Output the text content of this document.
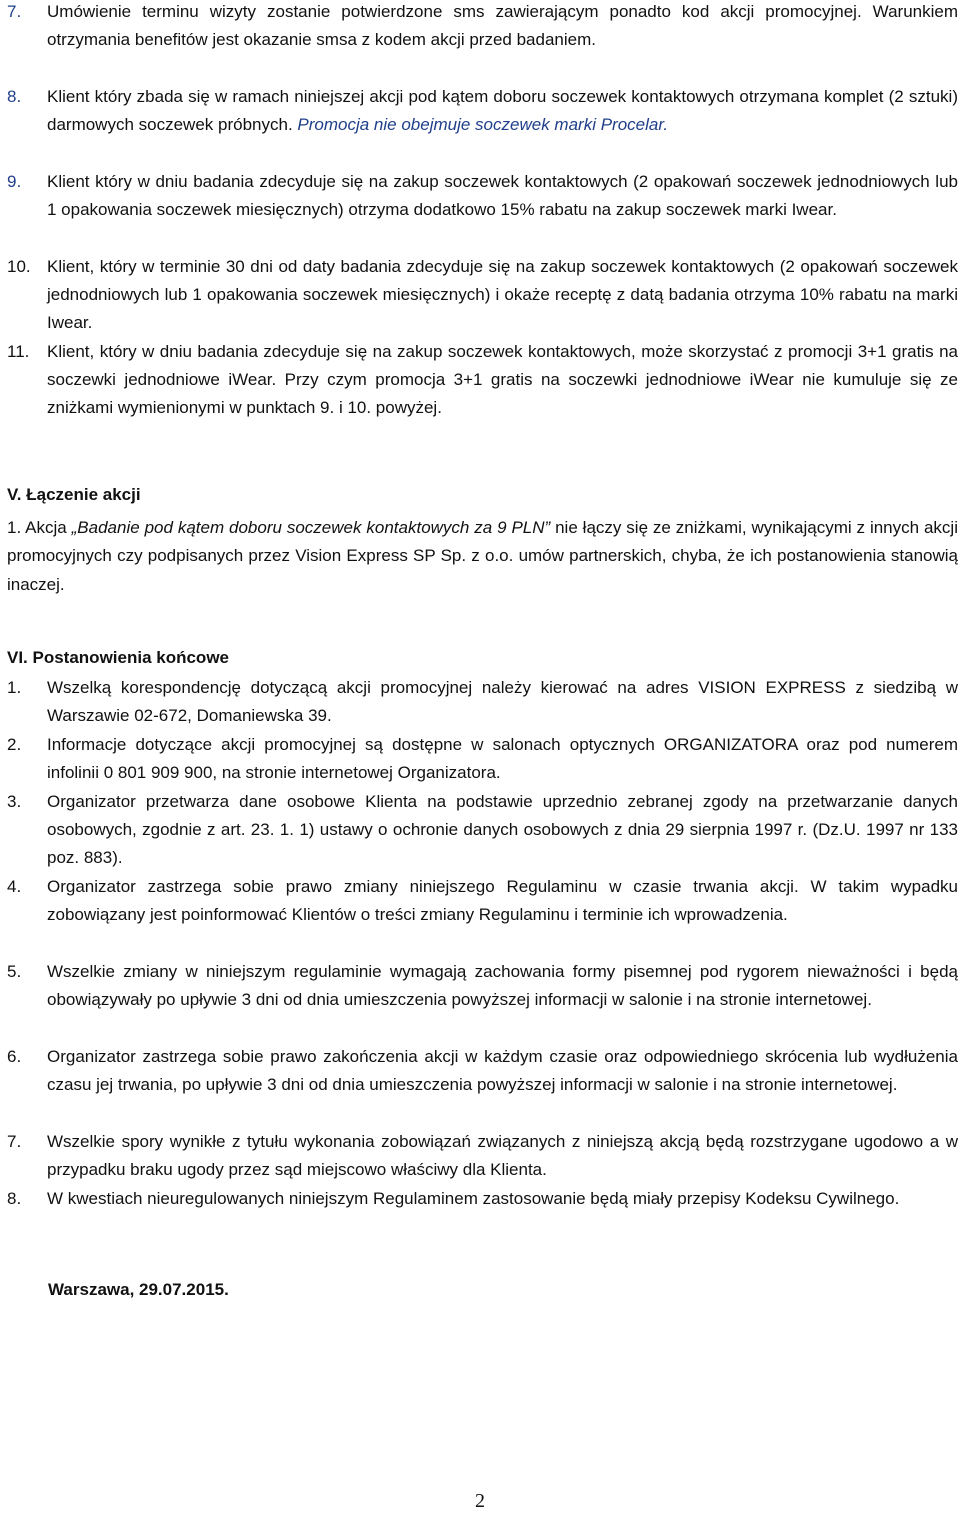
7.	Umówienie terminu wizyty zostanie potwierdzone sms zawierającym ponadto kod akcji promocyjnej. Warunkiem otrzymania benefitów jest okazanie smsa z kodem akcji przed badaniem.
8.	Klient który zbada się w ramach niniejszej akcji pod kątem doboru soczewek kontaktowych otrzymana komplet (2 sztuki) darmowych soczewek próbnych. Promocja nie obejmuje soczewek marki Procelar.
9.	Klient który w dniu badania zdecyduje się na zakup soczewek kontaktowych (2 opakowań soczewek jednodniowych lub 1 opakowania soczewek miesięcznych) otrzyma dodatkowo 15% rabatu na zakup soczewek marki Iwear.
10. Klient, który w terminie 30 dni od daty badania zdecyduje się na zakup soczewek kontaktowych (2 opakowań soczewek jednodniowych lub 1 opakowania soczewek miesięcznych) i okaże receptę z datą badania otrzyma 10% rabatu na marki Iwear.
11.	Klient, który w dniu badania zdecyduje się na zakup soczewek kontaktowych, może skorzystać z promocji 3+1 gratis na soczewki jednodniowe iWear. Przy czym promocja 3+1 gratis na soczewki jednodniowe iWear nie kumuluje się ze zniżkami wymienionymi w punktach 9. i 10. powyżej.
V. Łączenie akcji
1. Akcja „Badanie pod kątem doboru soczewek kontaktowych za 9 PLN” nie łączy się ze zniżkami, wynikającymi z innych akcji promocyjnych czy podpisanych przez Vision Express SP Sp. z o.o. umów partnerskich, chyba, że ich postanowienia stanowią inaczej.
VI. Postanowienia końcowe
1.	Wszelką korespondencję dotyczącą akcji promocyjnej należy kierować na adres VISION EXPRESS z siedzibą w Warszawie 02-672, Domaniewska 39.
2.	Informacje dotyczące akcji promocyjnej są dostępne w salonach optycznych ORGANIZATORA oraz pod numerem infolinii 0 801 909 900, na stronie internetowej Organizatora.
3.	Organizator przetwarza dane osobowe Klienta na podstawie uprzednio zebranej zgody na przetwarzanie danych osobowych, zgodnie z art. 23. 1. 1) ustawy o ochronie danych osobowych z dnia 29 sierpnia 1997 r. (Dz.U. 1997 nr 133 poz. 883).
4.	Organizator zastrzega sobie prawo zmiany niniejszego Regulaminu w czasie trwania akcji. W takim wypadku zobowiązany jest poinformować Klientów o treści zmiany Regulaminu i terminie ich wprowadzenia.
5.	Wszelkie zmiany w niniejszym regulaminie wymagają zachowania formy pisemnej pod rygorem nieważności i będą obowiązywały po upływie 3 dni od dnia umieszczenia powyższej informacji w salonie i na stronie internetowej.
6.	Organizator zastrzega sobie prawo zakończenia akcji w każdym czasie oraz odpowiedniego skrócenia lub wydłużenia czasu jej trwania, po upływie 3 dni od dnia umieszczenia powyższej informacji w salonie i na stronie internetowej.
7.	Wszelkie spory wynikłe z tytułu wykonania zobowiązań związanych z niniejszą akcją będą rozstrzygane ugodowo a w przypadku braku ugody przez sąd miejscowo właściwy dla Klienta.
8.	W kwestiach nieuregulowanych niniejszym Regulaminem zastosowanie będą miały przepisy Kodeksu Cywilnego.
Warszawa, 29.07.2015.
2
